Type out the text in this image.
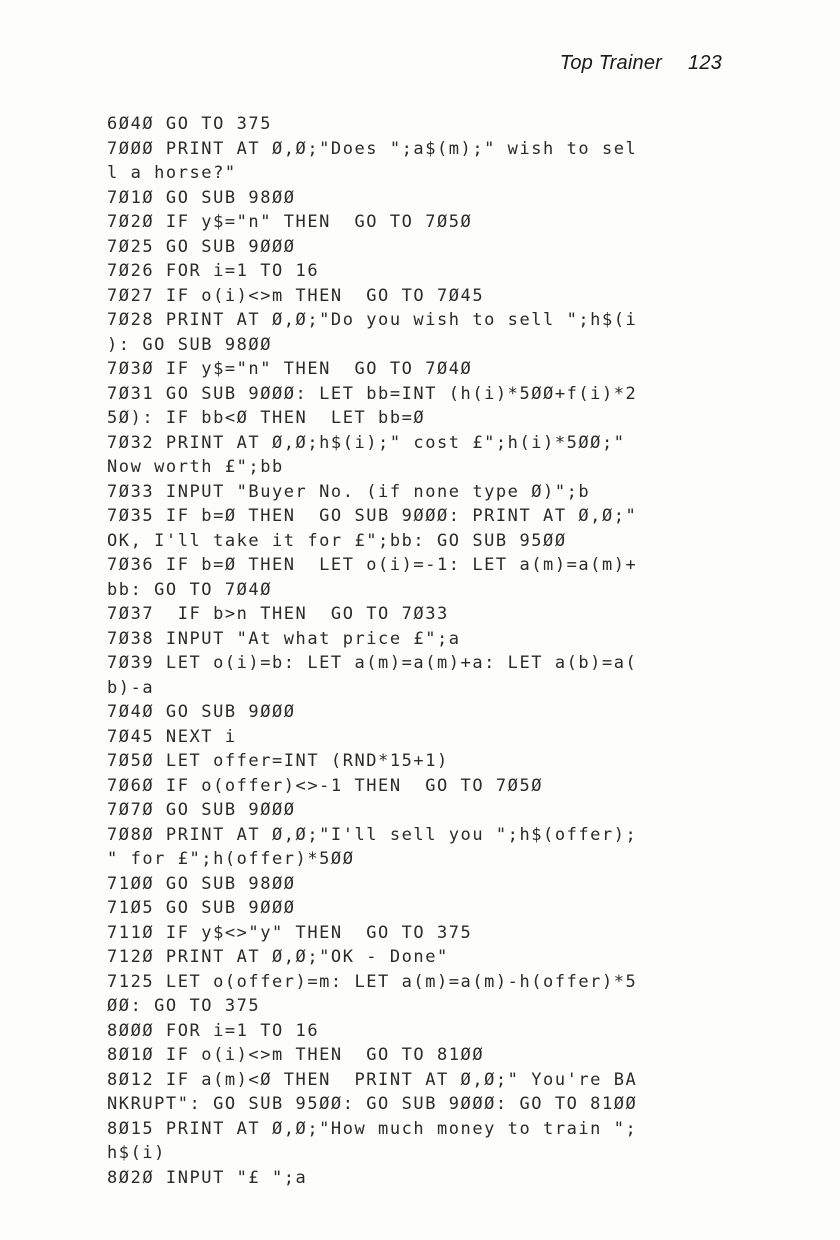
Top Trainer 123
6Ø4Ø GO TO 375
7ØØØ PRINT AT Ø,Ø;"Does ";a$(m);" wish to sel
l a horse?"
7Ø1Ø GO SUB 98ØØ
7Ø2Ø IF y$="n" THEN  GO TO 7Ø5Ø
7Ø25 GO SUB 9ØØØ
7Ø26 FOR i=1 TO 16
7Ø27 IF o(i)<>m THEN  GO TO 7Ø45
7Ø28 PRINT AT Ø,Ø;"Do you wish to sell ";h$(i
): GO SUB 98ØØ
7Ø3Ø IF y$="n" THEN  GO TO 7Ø4Ø
7Ø31 GO SUB 9ØØØ: LET bb=INT (h(i)*5ØØ+f(i)*2
5Ø): IF bb<Ø THEN  LET bb=Ø
7Ø32 PRINT AT Ø,Ø;h$(i);" cost £";h(i)*5ØØ;"
Now worth £";bb
7Ø33 INPUT "Buyer No. (if none type Ø)";b
7Ø35 IF b=Ø THEN  GO SUB 9ØØØ: PRINT AT Ø,Ø;"
OK, I'll take it for £";bb: GO SUB 95ØØ
7Ø36 IF b=Ø THEN  LET o(i)=-1: LET a(m)=a(m)+
bb: GO TO 7Ø4Ø
7Ø37  IF b>n THEN  GO TO 7Ø33
7Ø38 INPUT "At what price £";a
7Ø39 LET o(i)=b: LET a(m)=a(m)+a: LET a(b)=a(
b)-a
7Ø4Ø GO SUB 9ØØØ
7Ø45 NEXT i
7Ø5Ø LET offer=INT (RND*15+1)
7Ø6Ø IF o(offer)<>-1 THEN  GO TO 7Ø5Ø
7Ø7Ø GO SUB 9ØØØ
7Ø8Ø PRINT AT Ø,Ø;"I'll sell you ";h$(offer);
" for £";h(offer)*5ØØ
71ØØ GO SUB 98ØØ
71Ø5 GO SUB 9ØØØ
711Ø IF y$<>"y" THEN  GO TO 375
712Ø PRINT AT Ø,Ø;"OK - Done"
7125 LET o(offer)=m: LET a(m)=a(m)-h(offer)*5
ØØ: GO TO 375
8ØØØ FOR i=1 TO 16
8Ø1Ø IF o(i)<>m THEN  GO TO 81ØØ
8Ø12 IF a(m)<Ø THEN  PRINT AT Ø,Ø;" You're BA
NKRUPT": GO SUB 95ØØ: GO SUB 9ØØØ: GO TO 81ØØ
8Ø15 PRINT AT Ø,Ø;"How much money to train ";
h$(i)
8Ø2Ø INPUT "£ ";a
